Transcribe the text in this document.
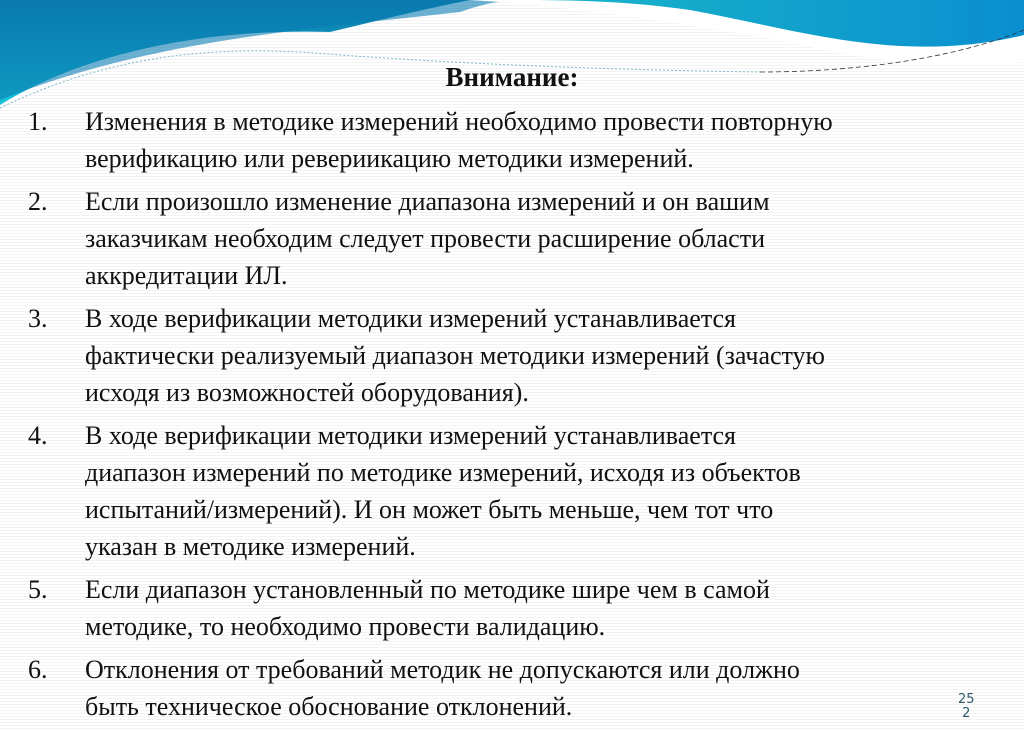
Внимание:
1. Изменения в методике измерений необходимо провести повторную
верификацию или ревериикацию методики измерений.
2. Если произошло изменение диапазона измерений и он вашим
заказчикам необходим следует провести расширение области
аккредитации ИЛ.
3. В ходе верификации методики измерений устанавливается
фактически реализуемый диапазон методики измерений (зачастую
исходя из возможностей оборудования).
4. В ходе верификации методики измерений устанавливается
диапазон измерений по методике измерений, исходя из объектов
испытаний/измерений). И он может быть меньше, чем тот что
указан в методике измерений.
5. Если диапазон установленный по методике шире чем в самой
методике, то необходимо провести валидацию.
6. Отклонения от требований методик не допускаются или должно
быть техническое обоснование отклонений.	25
2
